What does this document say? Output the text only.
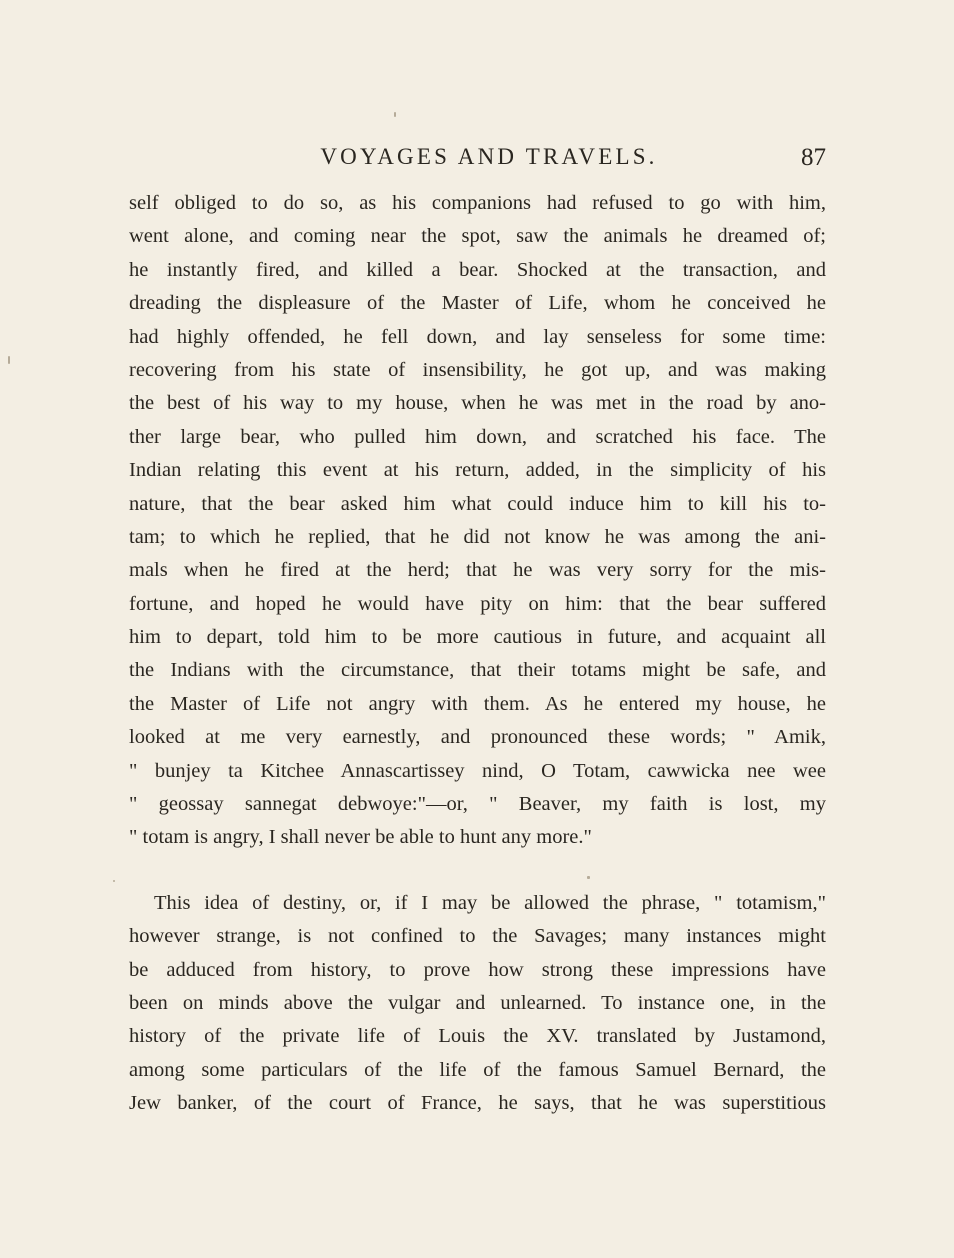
VOYAGES AND TRAVELS.	87
self obliged to do so, as his companions had refused to go with him,
went alone, and coming near the spot, saw the animals he dreamed of;
he instantly fired, and killed a bear. Shocked at the transaction, and
dreading the displeasure of the Master of Life, whom he conceived he
had highly offended, he fell down, and lay senseless for some time:
recovering from his state of insensibility, he got up, and was making
the best of his way to my house, when he was met in the road by ano-
ther large bear, who pulled him down, and scratched his face. The
Indian relating this event at his return, added, in the simplicity of his
nature, that the bear asked him what could induce him to kill his to-
tam; to which he replied, that he did not know he was among the ani-
mals when he fired at the herd; that he was very sorry for the mis-
fortune, and hoped he would have pity on him: that the bear suffered
him to depart, told him to be more cautious in future, and acquaint all
the Indians with the circumstance, that their totams might be safe, and
the Master of Life not angry with them. As he entered my house, he
looked at me very earnestly, and pronounced these words; " Amik,
" bunjey ta Kitchee Annascartissey nind, O Totam, cawwicka nee wee
" geossay sannegat debwoye:"—or, " Beaver, my faith is lost, my
" totam is angry, I shall never be able to hunt any more."
This idea of destiny, or, if I may be allowed the phrase, " totamism,"
however strange, is not confined to the Savages; many instances might
be adduced from history, to prove how strong these impressions have
been on minds above the vulgar and unlearned. To instance one, in the
history of the private life of Louis the XV. translated by Justamond,
among some particulars of the life of the famous Samuel Bernard, the
Jew banker, of the court of France, he says, that he was superstitious
